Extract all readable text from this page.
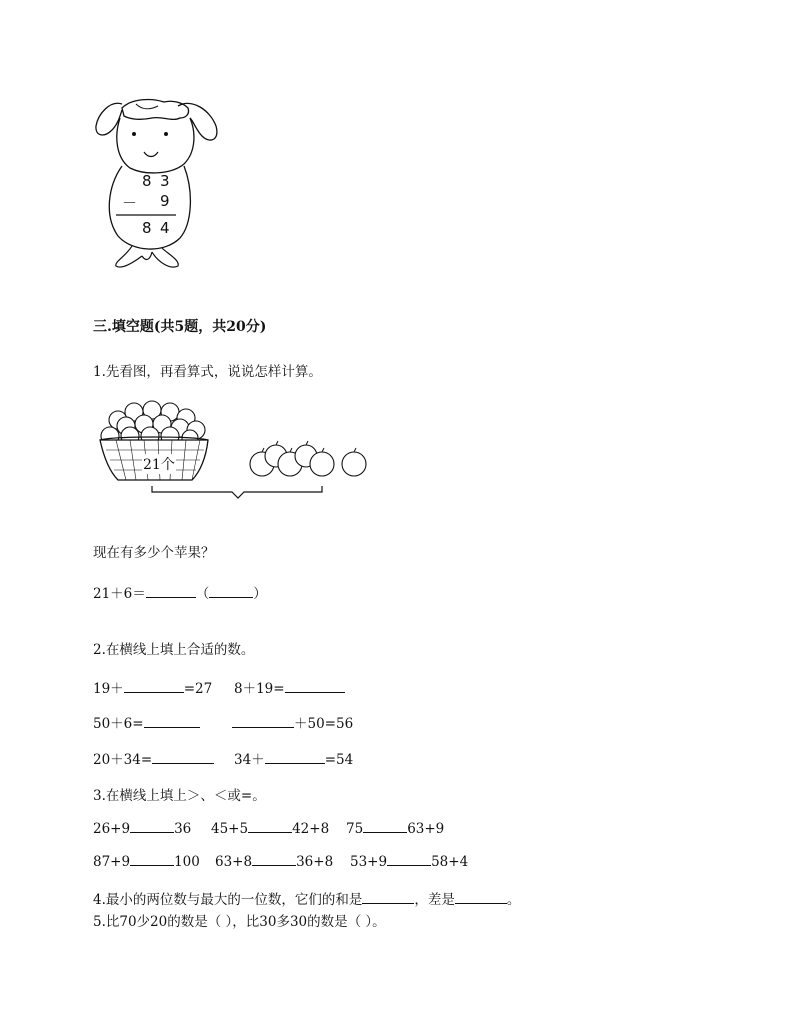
8 3
－ 9
8 4
三.填空题(共5题，共20分)
1.先看图，再看算式，说说怎样计算。
21个
现在有多少个苹果？
21＋6＝	（	）
2.在横线上填上合适的数。
19＋	=27 8＋19=
50＋6=	＋50=56
20＋34=	34＋	=54
3.在横线上填上＞、＜或=。
26+9	36 45+5	42+8 75	63+9
87+9	100 63+8	36+8 53+9	58+4
4.最小的两位数与最大的一位数，它们的和是	，差是	。
5.比70少20的数是（ ），比30多30的数是（ ）。
